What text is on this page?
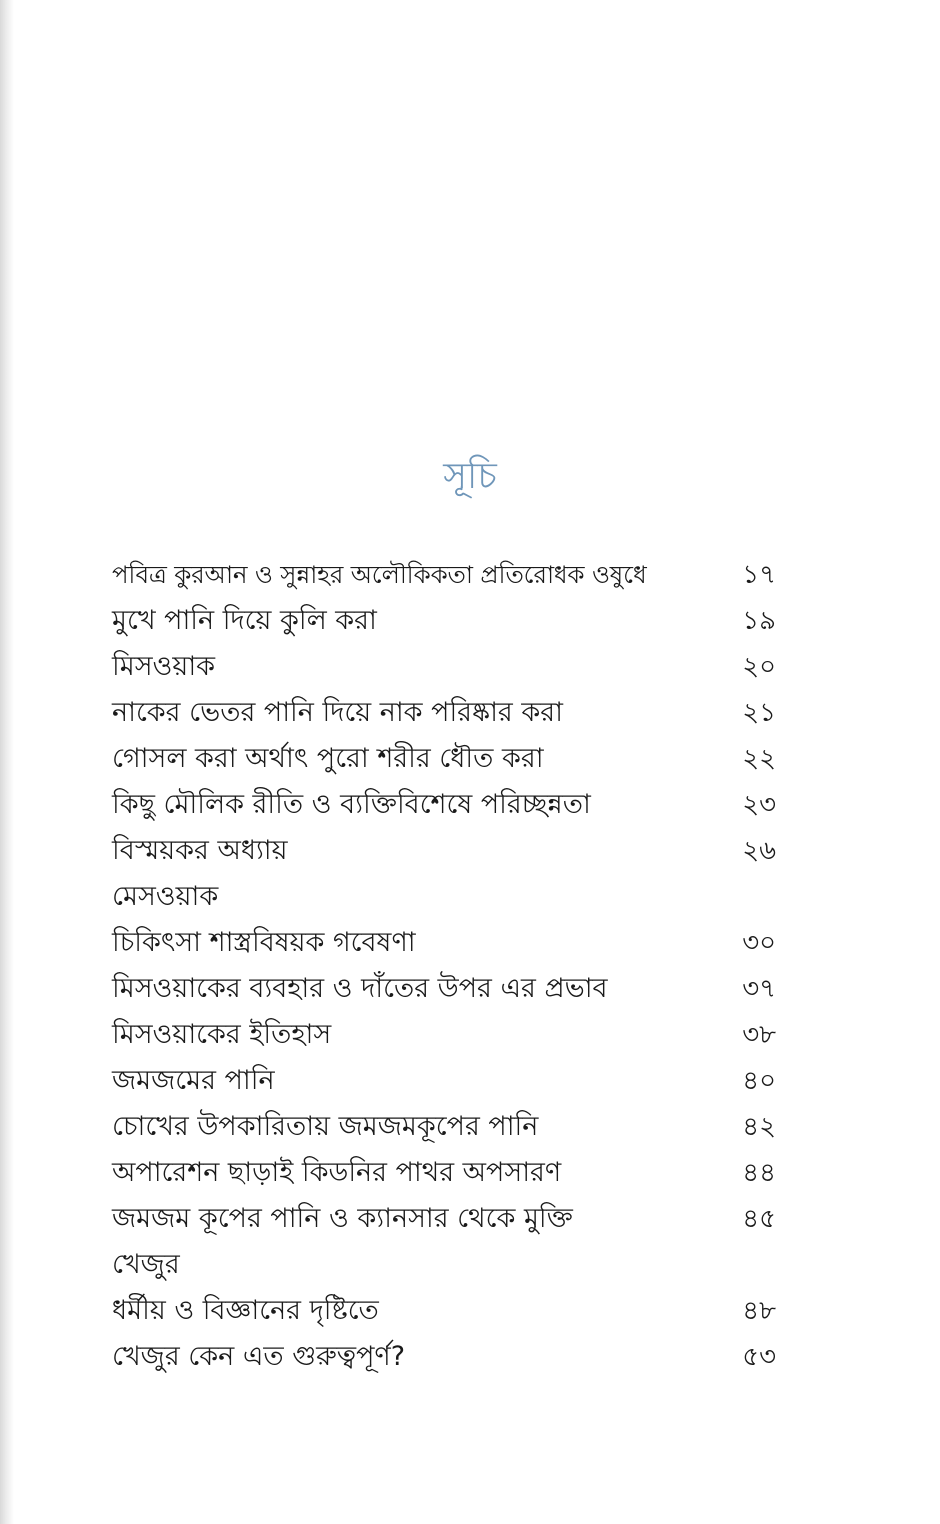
সূচি
পবিত্র কুরআন ও সুন্নাহর অলৌকিকতা প্রতিরোধক ওষুধে	১৭
মুখে পানি দিয়ে কুলি করা	১৯
মিসওয়াক	২০
নাকের ভেতর পানি দিয়ে নাক পরিষ্কার করা	২১
গোসল করা অর্থাৎ পুরো শরীর ধৌত করা	২২
কিছু মৌলিক রীতি ও ব্যক্তিবিশেষে পরিচ্ছন্নতা	২৩
বিস্ময়কর অধ্যায়	২৬
মেসওয়াক
চিকিৎসা শাস্ত্রবিষয়ক গবেষণা	৩০
মিসওয়াকের ব্যবহার ও দাঁতের উপর এর প্রভাব	৩৭
মিসওয়াকের ইতিহাস	৩৮
জমজমের পানি	৪০
চোখের উপকারিতায় জমজমকূপের পানি	৪২
অপারেশন ছাড়াই কিডনির পাথর অপসারণ	৪৪
জমজম কূপের পানি ও ক্যানসার থেকে মুক্তি	৪৫
খেজুর
ধর্মীয় ও বিজ্ঞানের দৃষ্টিতে	৪৮
খেজুর কেন এত গুরুত্বপূর্ণ?	৫৩
